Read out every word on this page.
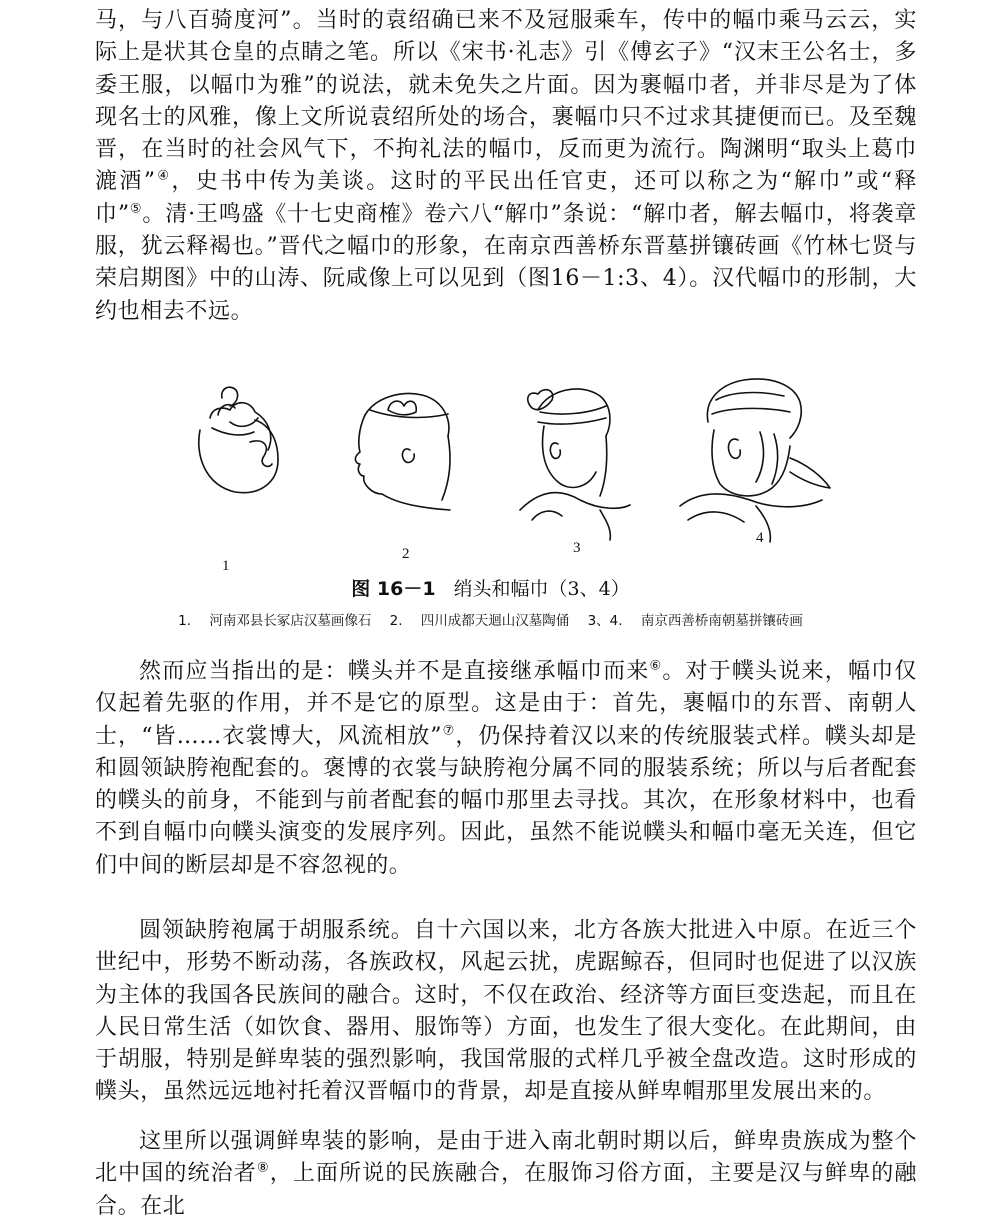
马，与八百骑度河”。当时的袁绍确已来不及冠服乘车，传中的幅巾乘马云云，实际上是状其仓皇的点睛之笔。所以《宋书·礼志》引《傅玄子》“汉末王公名士，多委王服，以幅巾为雅”的说法，就未免失之片面。因为裹幅巾者，并非尽是为了体现名士的风雅，像上文所说袁绍所处的场合，裹幅巾只不过求其捷便而已。及至魏晋，在当时的社会风气下，不拘礼法的幅巾，反而更为流行。陶渊明“取头上葛巾漉酒”④，史书中传为美谈。这时的平民出任官吏，还可以称之为“解巾”或“释巾”⑤。清·王鸣盛《十七史商榷》卷六八“解巾”条说：“解巾者，解去幅巾，将袭章服，犹云释褐也。”晋代之幅巾的形象，在南京西善桥东晋墓拼镶砖画《竹林七贤与荣启期图》中的山涛、阮咸像上可以见到（图16－1:3、4）。汉代幅巾的形制，大约也相去不远。

1
2	3
4
图 16－1 绡头和幅巾（3、4）
1. 河南邓县长冢店汉墓画像石 2. 四川成都天迴山汉墓陶俑 3、4. 南京西善桥南朝墓拼镶砖画

然而应当指出的是：幞头并不是直接继承幅巾而来⑥。对于幞头说来，幅巾仅仅起着先驱的作用，并不是它的原型。这是由于：首先，裹幅巾的东晋、南朝人士，“皆……衣裳博大，风流相放”⑦，仍保持着汉以来的传统服装式样。幞头却是和圆领缺胯袍配套的。褒博的衣裳与缺胯袍分属不同的服装系统；所以与后者配套的幞头的前身，不能到与前者配套的幅巾那里去寻找。其次，在形象材料中，也看不到自幅巾向幞头演变的发展序列。因此，虽然不能说幞头和幅巾毫无关连，但它们中间的断层却是不容忽视的。

圆领缺胯袍属于胡服系统。自十六国以来，北方各族大批进入中原。在近三个世纪中，形势不断动荡，各族政权，风起云扰，虎踞鲸吞，但同时也促进了以汉族为主体的我国各民族间的融合。这时，不仅在政治、经济等方面巨变迭起，而且在人民日常生活（如饮食、器用、服饰等）方面，也发生了很大变化。在此期间，由于胡服，特别是鲜卑装的强烈影响，我国常服的式样几乎被全盘改造。这时形成的幞头，虽然远远地衬托着汉晋幅巾的背景，却是直接从鲜卑帽那里发展出来的。

这里所以强调鲜卑装的影响，是由于进入南北朝时期以后，鲜卑贵族成为整个北中国的统治者⑧，上面所说的民族融合，在服饰习俗方面，主要是汉与鲜卑的融合。在北
